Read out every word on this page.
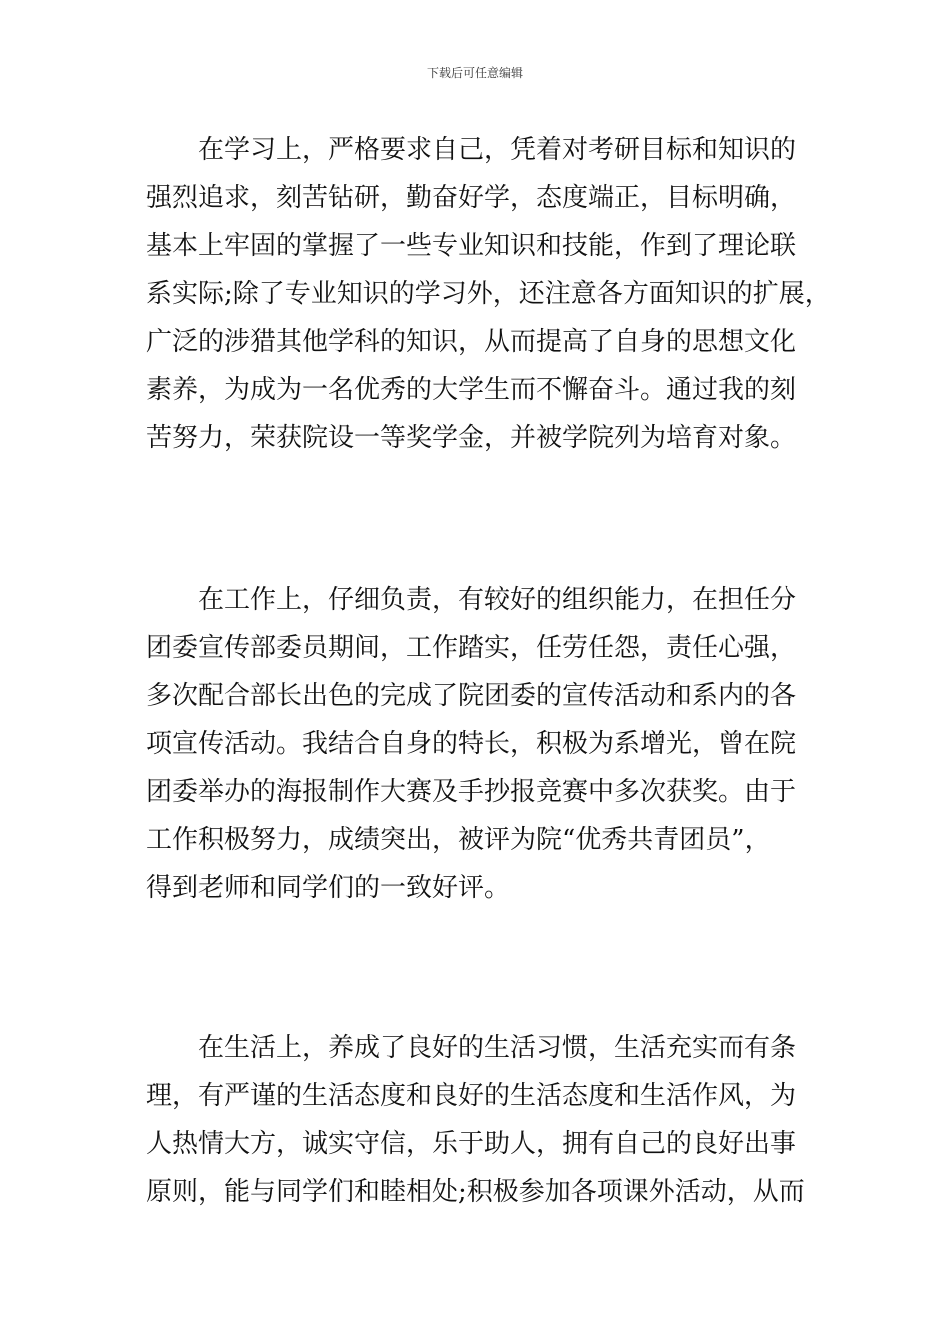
下载后可任意编辑
在学习上，严格要求自己，凭着对考研目标和知识的
强烈追求，刻苦钻研，勤奋好学，态度端正，目标明确，
基本上牢固的掌握了一些专业知识和技能，作到了理论联
系实际;除了专业知识的学习外，还注意各方面知识的扩展，
广泛的涉猎其他学科的知识，从而提高了自身的思想文化
素养，为成为一名优秀的大学生而不懈奋斗。通过我的刻
苦努力，荣获院设一等奖学金，并被学院列为培育对象。
在工作上，仔细负责，有较好的组织能力，在担任分
团委宣传部委员期间，工作踏实，任劳任怨，责任心强，
多次配合部长出色的完成了院团委的宣传活动和系内的各
项宣传活动。我结合自身的特长，积极为系增光，曾在院
团委举办的海报制作大赛及手抄报竞赛中多次获奖。由于
工作积极努力，成绩突出，被评为院“优秀共青团员”，
得到老师和同学们的一致好评。
在生活上，养成了良好的生活习惯，生活充实而有条
理，有严谨的生活态度和良好的生活态度和生活作风，为
人热情大方，诚实守信，乐于助人，拥有自己的良好出事
原则，能与同学们和睦相处;积极参加各项课外活动，从而
